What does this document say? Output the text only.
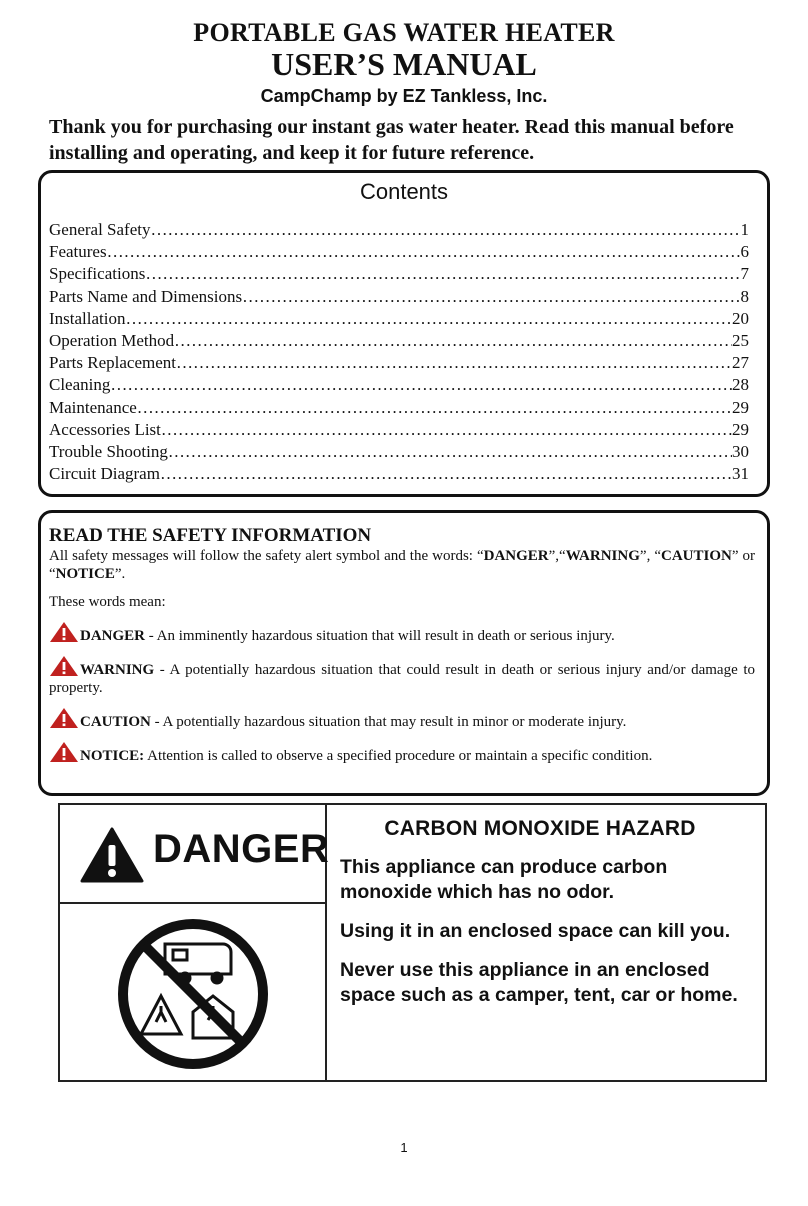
PORTABLE GAS WATER HEATER
USER’S MANUAL
CampChamp by EZ Tankless, Inc.
Thank you for purchasing our instant gas water heater. Read this manual before installing and operating, and keep it for future reference.
Contents
General Safety ………………………………………………………………………………………………………………………	1
Features ………………………………………………………………………………………………………………………	6
Specifications ………………………………………………………………………………………………………………………	7
Parts Name and Dimensions ………………………………………………………………………………………………………………………	8
Installation ………………………………………………………………………………………………………………………	20
Operation Method ………………………………………………………………………………………………………………………	25
Parts Replacement ………………………………………………………………………………………………………………………	27
Cleaning ………………………………………………………………………………………………………………………	28
Maintenance ………………………………………………………………………………………………………………………	29
Accessories List ………………………………………………………………………………………………………………………	29
Trouble Shooting ………………………………………………………………………………………………………………………	30
Circuit Diagram ………………………………………………………………………………………………………………………	31
READ THE SAFETY INFORMATION
All safety messages will follow the safety alert symbol and the words: “DANGER”,“WARNING”, “CAUTION” or “NOTICE”.
These words mean:
DANGER - An imminently hazardous situation that will result in death or serious injury.
WARNING - A potentially hazardous situation that could result in death or serious injury and/or damage to property.
CAUTION - A potentially hazardous situation that may result in minor or moderate injury.
NOTICE: Attention is called to observe a specified procedure or maintain a specific condition.
DANGER	CARBON MONOXIDE HAZARD
This appliance can produce carbon monoxide which has no odor.
Using it in an enclosed space can kill you.
Never use this appliance in an enclosed space such as a camper, tent, car or home.
1
